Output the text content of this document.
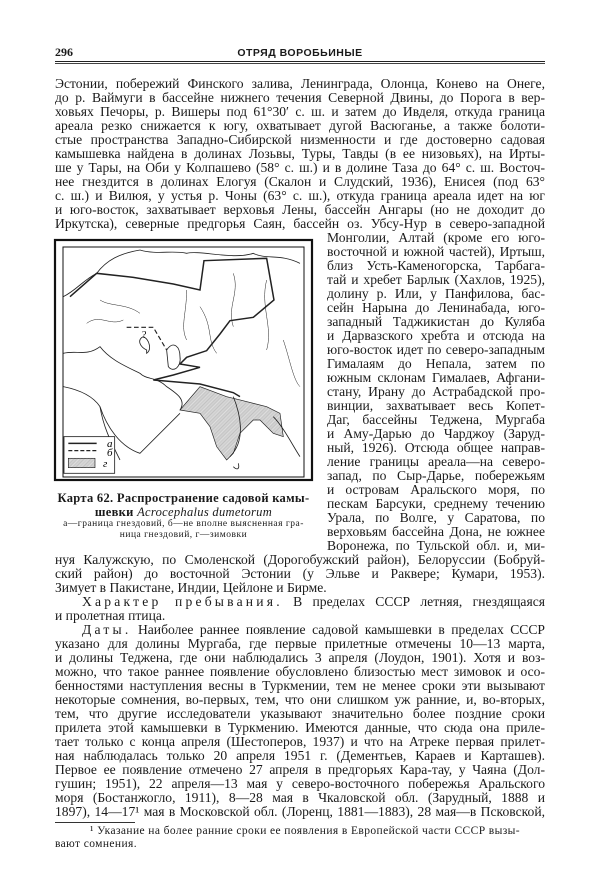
296	ОТРЯД ВОРОБЬИНЫЕ
Эстонии, побережий Финского залива, Ленинграда, Олонца, Конево на Онеге,
до р. Ваймуги в бассейне нижнего течения Северной Двины, до Порога в вер-
ховьях Печоры, р. Вишеры под 61°30′ с. ш. и затем до Ивделя, откуда граница
ареала резко снижается к югу, охватывает дугой Васюганье, а также болоти-
стые пространства Западно-Сибирской низменности и где достоверно садовая
камышевка найдена в долинах Лозьвы, Туры, Тавды (в ее низовьях), на Ирты-
ше у Тары, на Оби у Колпашево (58° с. ш.) и в долине Таза до 64° с. ш. Восточ-
нее гнездится в долинах Елогуя (Скалон и Слудский, 1936), Енисея (под 63°
с. ш.) и Вилюя, у устья р. Чоны (63° с. ш.), откуда граница ареала идет на юг
и юго-восток, захватывает верховья Лены, бассейн Ангары (но не доходит до
Иркутска), северные предгорья Саян, бассейн оз. Убсу-Нур в северо-западной
Монголии, Алтай (кроме его юго-
восточной и южной частей), Иртыш,
близ Усть-Каменогорска, Тарбага-
тай и хребет Барлык (Хахлов, 1925),
долину р. Или, у Панфилова, бас-
сейн Нарына до Ленинабада, юго-
западный Таджикистан до Куляба
и Дарвазского хребта и отсюда на
юго-восток идет по северо-западным
Гималаям до Непала, затем по
южным склонам Гималаев, Афгани-
стану, Ирану до Астрабадской про-
винции, захватывает весь Копет-
Даг, бассейны Теджена, Мургаба
и Аму-Дарью до Чарджоу (Заруд-
ный, 1926). Отсюда общее направ-
ление границы ареала—на северо-
запад, по Сыр-Дарье, побережьям
и островам Аральского моря, по
пескам Барсуки, среднему течению
Урала, по Волге, у Саратова, по
верховьям бассейна Дона, не южнее
Воронежа, по Тульской обл. и, ми-
нуя Калужскую, по Смоленской (Дорогобужский район), Белоруссии (Бобруй-
ский район) до восточной Эстонии (у Эльве и Раквере; Кумари, 1953).
Зимует в Пакистане, Индии, Цейлоне и Бирме.
Характер пребывания. В пределах СССР летняя, гнездящаяся
и пролетная птица.
Даты. Наиболее раннее появление садовой камышевки в пределах СССР
указано для долины Мургаба, где первые прилетные отмечены 10—13 марта,
и долины Теджена, где они наблюдались 3 апреля (Лоудон, 1901). Хотя и воз-
можно, что такое раннее появление обусловлено близостью мест зимовок и осо-
бенностями наступления весны в Туркмении, тем не менее сроки эти вызывают
некоторые сомнения, во-первых, тем, что они слишком уж ранние, и, во-вторых,
тем, что другие исследователи указывают значительно более поздние сроки
прилета этой камышевки в Туркмению. Имеются данные, что сюда она приле-
тает только с конца апреля (Шестоперов, 1937) и что на Атреке первая прилет-
ная наблюдалась только 20 апреля 1951 г. (Дементьев, Караев и Карташев).
Первое ее появление отмечено 27 апреля в предгорьях Кара-тау, у Чаяна (Дол-
гушин; 1951), 22 апреля—13 мая у северо-восточного побережья Аральского
моря (Бостанжогло, 1911), 8—28 мая в Чкаловской обл. (Зарудный, 1888 и
1897), 14—17¹ мая в Московской обл. (Лоренц, 1881—1883), 28 мая—в Псковской,
а
б
г
?
Карта 62. Распространение садовой камы-
шевки Acrocephalus dumetorum
а—граница гнездовий, б—не вполне выясненная гра-
ница гнездовий, г—зимовки
¹ Указание на более ранние сроки ее появления в Европейской части СССР вызы-
вают сомнения.
